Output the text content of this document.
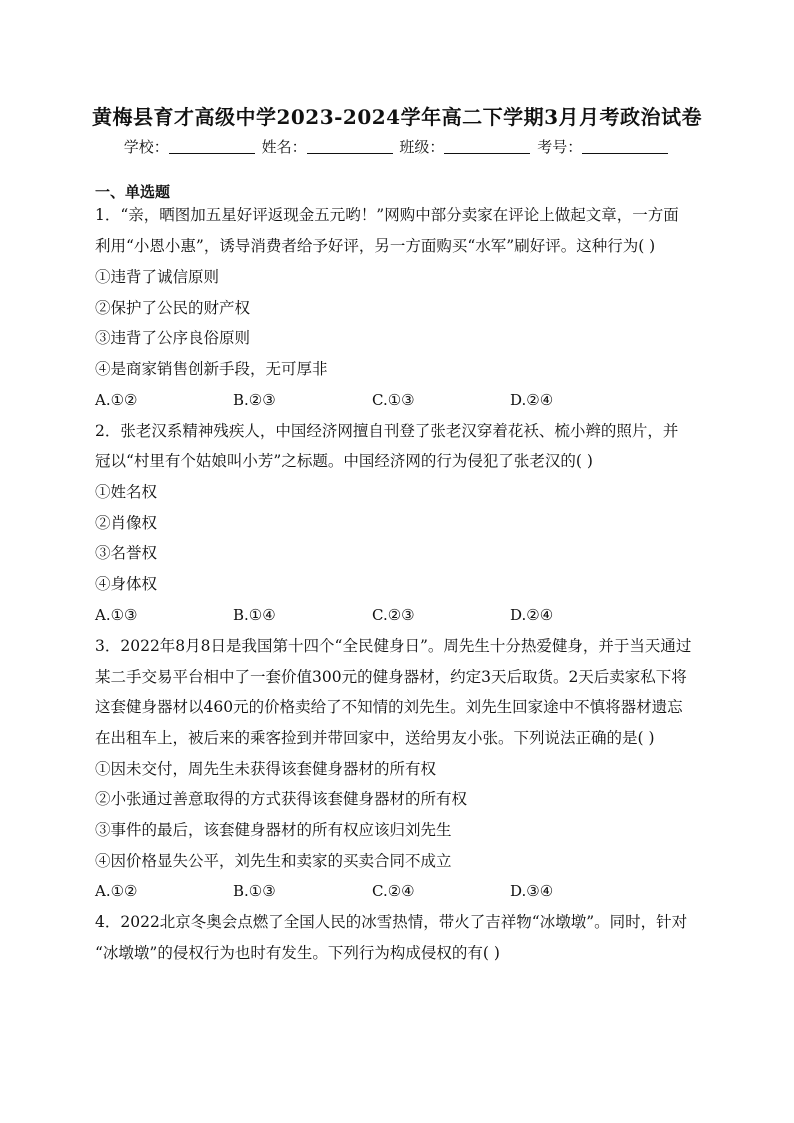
黄梅县育才高级中学2023-2024学年高二下学期3月月考政治试卷
学校：	姓名：	班级：	考号：
一、单选题
1．“亲，晒图加五星好评返现金五元哟！”网购中部分卖家在评论上做起文章，一方面
利用“小恩小惠”，诱导消费者给予好评，另一方面购买“水军”刷好评。这种行为( )
①违背了诚信原则
②保护了公民的财产权
③违背了公序良俗原则
④是商家销售创新手段，无可厚非
A.①②	B.②③	C.①③	D.②④
2．张老汉系精神残疾人，中国经济网擅自刊登了张老汉穿着花袄、梳小辫的照片，并
冠以“村里有个姑娘叫小芳”之标题。中国经济网的行为侵犯了张老汉的( )
①姓名权
②肖像权
③名誉权
④身体权
A.①③	B.①④	C.②③	D.②④
3．2022年8月8日是我国第十四个“全民健身日”。周先生十分热爱健身，并于当天通过
某二手交易平台相中了一套价值300元的健身器材，约定3天后取货。2天后卖家私下将
这套健身器材以460元的价格卖给了不知情的刘先生。刘先生回家途中不慎将器材遗忘
在出租车上，被后来的乘客捡到并带回家中，送给男友小张。下列说法正确的是( )
①因未交付，周先生未获得该套健身器材的所有权
②小张通过善意取得的方式获得该套健身器材的所有权
③事件的最后，该套健身器材的所有权应该归刘先生
④因价格显失公平，刘先生和卖家的买卖合同不成立
A.①②	B.①③	C.②④	D.③④
4．2022北京冬奥会点燃了全国人民的冰雪热情，带火了吉祥物“冰墩墩”。同时，针对
“冰墩墩”的侵权行为也时有发生。下列行为构成侵权的有( )
